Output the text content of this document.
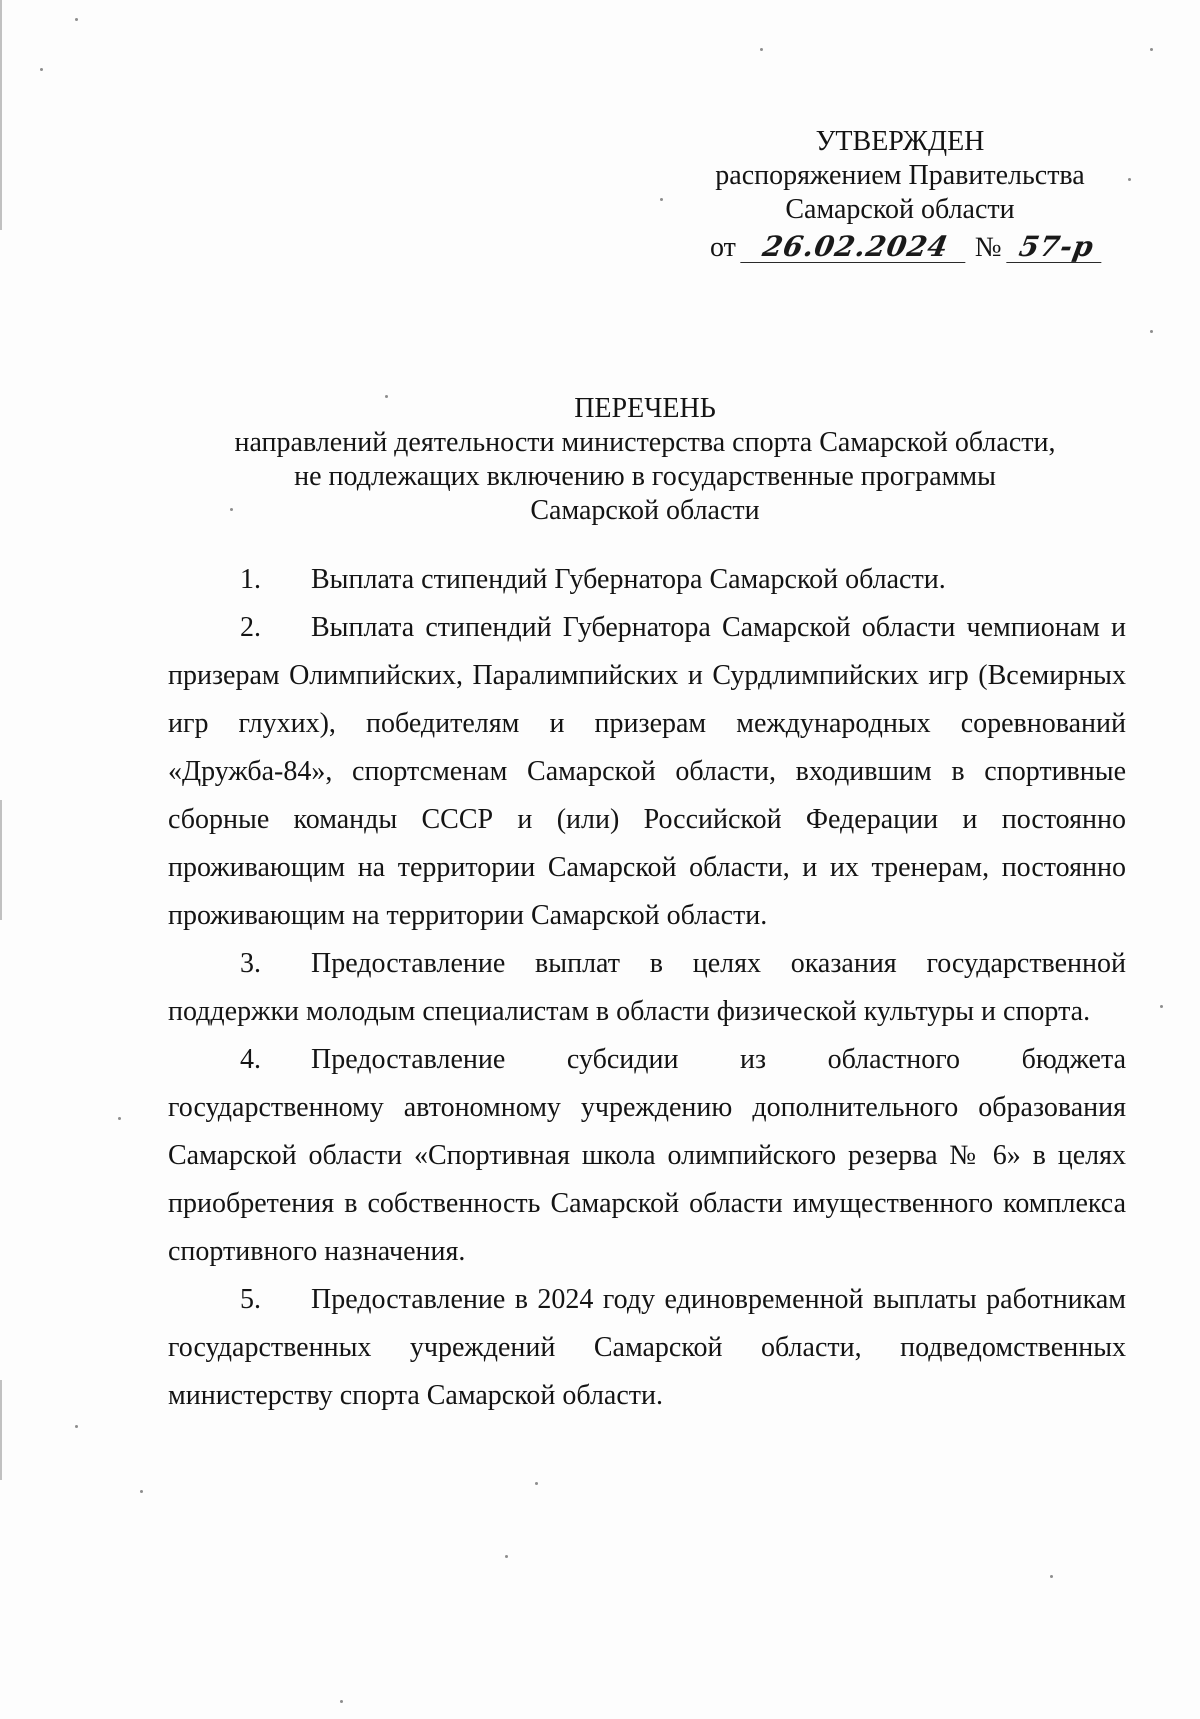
УТВЕРЖДЕН
распоряжением Правительства
Самарской области
от 26.02.2024 № 57-р
ПЕРЕЧЕНЬ
направлений деятельности министерства спорта Самарской области,
не подлежащих включению в государственные программы
Самарской области

1. Выплата стипендий Губернатора Самарской области.

2. Выплата стипендий Губернатора Самарской области чемпионам и призерам Олимпийских, Паралимпийских и Сурдлимпийских игр (Всемирных игр глухих), победителям и призерам международных соревнований «Дружба-84», спортсменам Самарской области, входившим в спортивные сборные команды СССР и (или) Российской Федерации и постоянно проживающим на территории Самарской области, и их тренерам, постоянно проживающим на территории Самарской области.

3. Предоставление выплат в целях оказания государственной поддержки молодым специалистам в области физической культуры и спорта.

4. Предоставление субсидии из областного бюджета государственному автономному учреждению дополнительного образования Самарской области «Спортивная школа олимпийского резерва № 6» в целях приобретения в собственность Самарской области имущественного комплекса спортивного назначения.

5. Предоставление в 2024 году единовременной выплаты работникам государственных учреждений Самарской области, подведомственных министерству спорта Самарской области.
